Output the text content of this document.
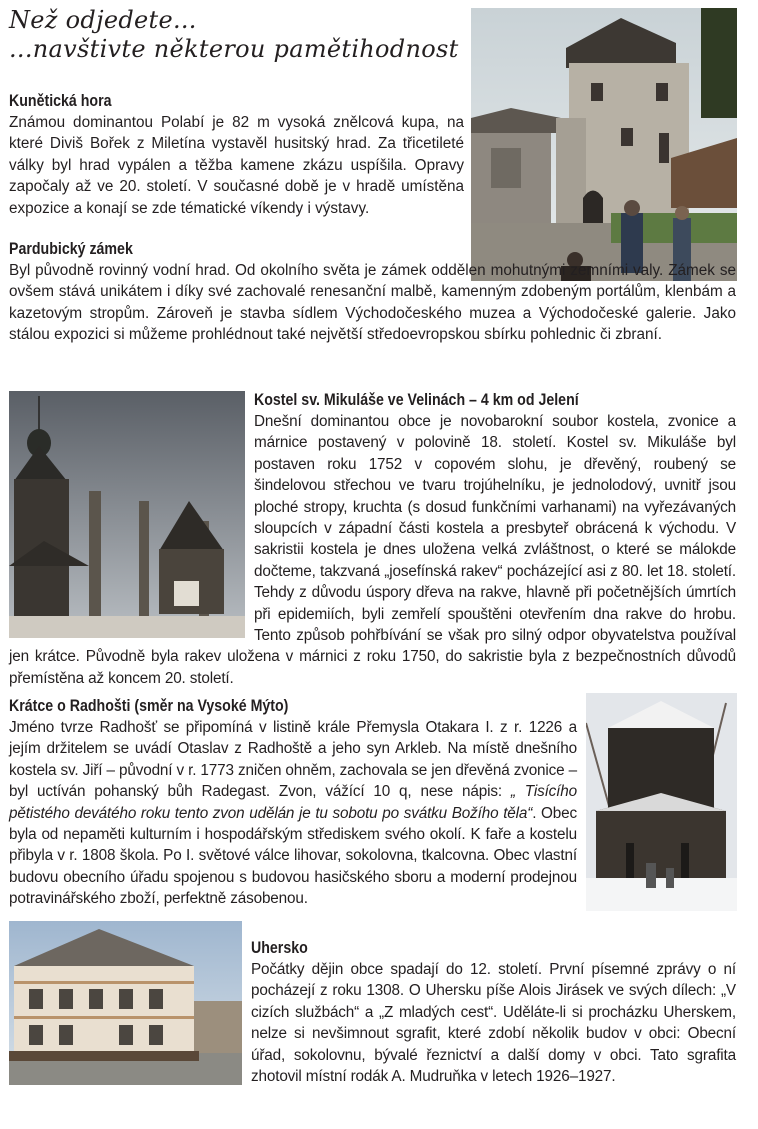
Než odjedete...
...navštivte některou pamětihodnost
Kunětická hora

Známou dominantou Polabí je 82 m vysoká znělcová kupa, na které Diviš Bořek z Miletína vystavěl husitský hrad. Za třicetileté války byl hrad vypálen a těžba kamene zkázu uspíšila. Opravy započaly až ve 20. století. V současné době je v hradě umístěna expozice a konají se zde tématické víkendy i výstavy.

Pardubický zámek

Byl původně rovinný vodní hrad. Od okolního světa je zámek oddělen mohutnými zemními valy. Zámek se ovšem stává unikátem i díky své zachovalé renesanční malbě, kamenným zdobeným portálům, klenbám a kazetovým stropům. Zároveň je stavba sídlem Východočeského muzea a Východočeské galerie. Jako stálou expozici si můžeme prohlédnout také největší středoevropskou sbírku pohlednic či zbraní.

Kostel sv. Mikuláše ve Velinách – 4 km od Jelení

Dnešní dominantou obce je novobarokní soubor kostela, zvonice a márnice postavený v polovině 18. století. Kostel sv. Mikuláše byl postaven roku 1752 v copovém slohu, je dřevěný, roubený se šindelovou střechou ve tvaru trojúhelníku, je jednolodový, uvnitř jsou ploché stropy, kruchta (s dosud funkčními varhanami) na vyřezávaných sloupcích v západní části kostela a presbyteř obrácená k východu. V sakristii kostela je dnes uložena velká zvláštnost, o které se málokde dočteme, takzvaná „josefínská rakev“ pocházející asi z 80. let 18. století. Tehdy z důvodu úspory dřeva na rakve, hlavně při početnějších úmrtích při epidemiích, byli zemřelí spouštěni otevřením dna rakve do hrobu. Tento způsob pohřbívání se však pro silný odpor obyvatelstva používal jen krátce. Původně byla rakev uložena v márnici z roku 1750, do sakristie byla z bezpečnostních důvodů přemístěna až koncem 20. století.

Krátce o Radhošti (směr na Vysoké Mýto)

Jméno tvrze Radhošť se připomíná v listině krále Přemysla Otakara I. z r. 1226 a jejím držitelem se uvádí Otaslav z Radhoště a jeho syn Arkleb. Na místě dnešního kostela sv. Jiří – původní v r. 1773 zničen ohněm, zachovala se jen dřevěná zvonice – byl uctíván pohanský bůh Radegast. Zvon, vážící 10 q, nese nápis: „ Tisícího pětistého devátého roku tento zvon udělán je tu sobotu po svátku Božího těla“. Obec byla od nepaměti kulturním i hospodářským střediskem svého okolí. K faře a kostelu přibyla v r. 1808 škola. Po I. světové válce lihovar, sokolovna, tkalcovna. Obec vlastní budovu obecního úřadu spojenou s budovou hasičského sboru a moderní prodejnou potravinářského zboží, perfektně zásobenou.

Uhersko

Počátky dějin obce spadají do 12. století. První písemné zprávy o ní pocházejí z roku 1308. O Uhersku píše Alois Jirásek ve svých dílech: „V cizích službách“ a „Z mladých cest“. Uděláte-li si procházku Uherskem, nelze si nevšimnout sgrafit, které zdobí několik budov v obci: Obecní úřad, sokolovnu, bývalé řeznictví a další domy v obci. Tato sgrafita zhotovil místní rodák A. Mudruňka v letech 1926–1927.
